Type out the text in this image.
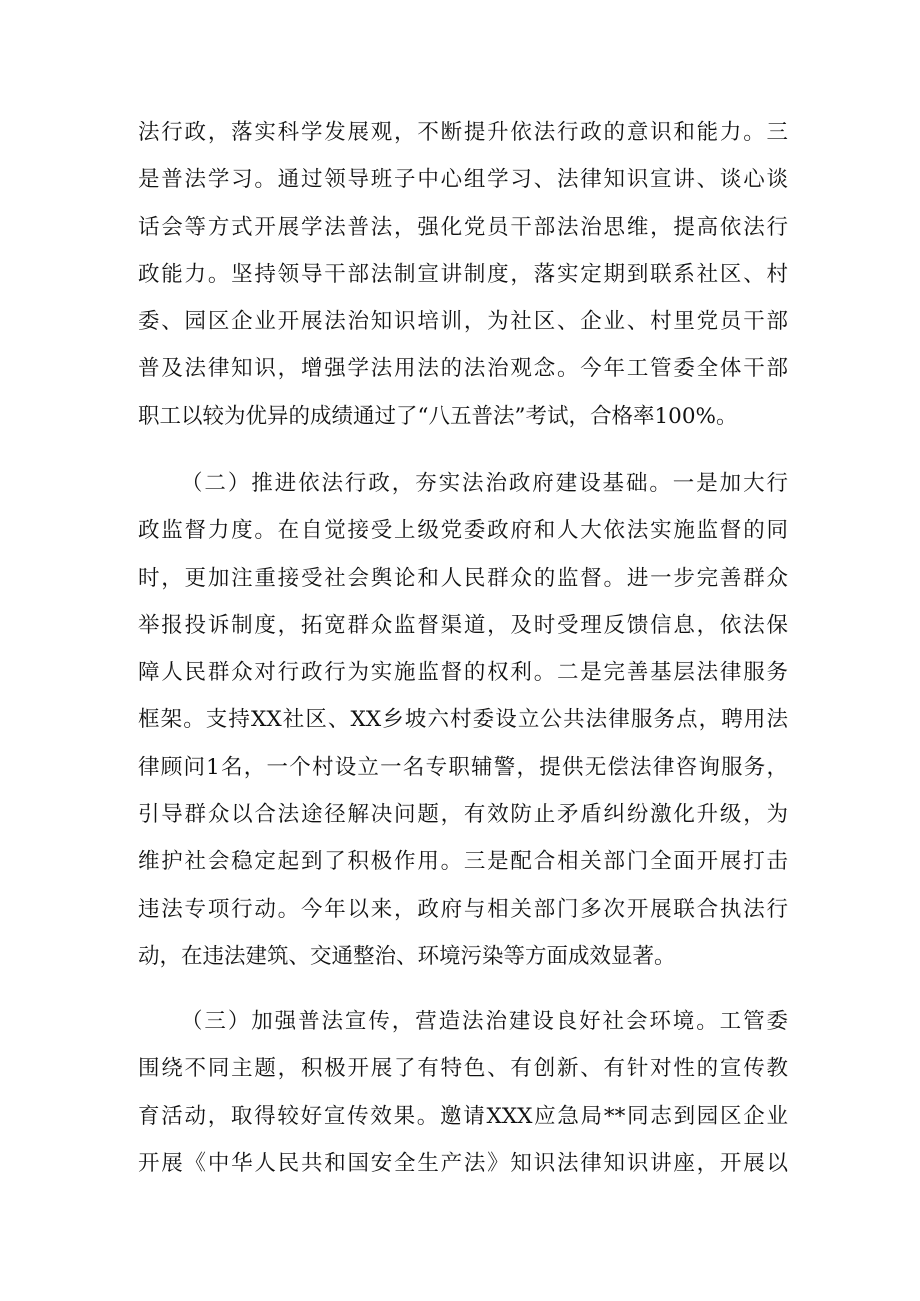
法行政，落实科学发展观，不断提升依法行政的意识和能力。三
是普法学习。通过领导班子中心组学习、法律知识宣讲、谈心谈
话会等方式开展学法普法，强化党员干部法治思维，提高依法行
政能力。坚持领导干部法制宣讲制度，落实定期到联系社区、村
委、园区企业开展法治知识培训，为社区、企业、村里党员干部
普及法律知识，增强学法用法的法治观念。今年工管委全体干部
职工以较为优异的成绩通过了“八五普法”考试，合格率100%。
（二）推进依法行政，夯实法治政府建设基础。一是加大行
政监督力度。在自觉接受上级党委政府和人大依法实施监督的同
时，更加注重接受社会舆论和人民群众的监督。进一步完善群众
举报投诉制度，拓宽群众监督渠道，及时受理反馈信息，依法保
障人民群众对行政行为实施监督的权利。二是完善基层法律服务
框架。支持XX社区、XX乡坡六村委设立公共法律服务点，聘用法
律顾问1名，一个村设立一名专职辅警，提供无偿法律咨询服务，
引导群众以合法途径解决问题，有效防止矛盾纠纷激化升级，为
维护社会稳定起到了积极作用。三是配合相关部门全面开展打击
违法专项行动。今年以来，政府与相关部门多次开展联合执法行
动，在违法建筑、交通整治、环境污染等方面成效显著。
（三）加强普法宣传，营造法治建设良好社会环境。工管委
围绕不同主题，积极开展了有特色、有创新、有针对性的宣传教
育活动，取得较好宣传效果。邀请XXX应急局**同志到园区企业
开展《中华人民共和国安全生产法》知识法律知识讲座，开展以
